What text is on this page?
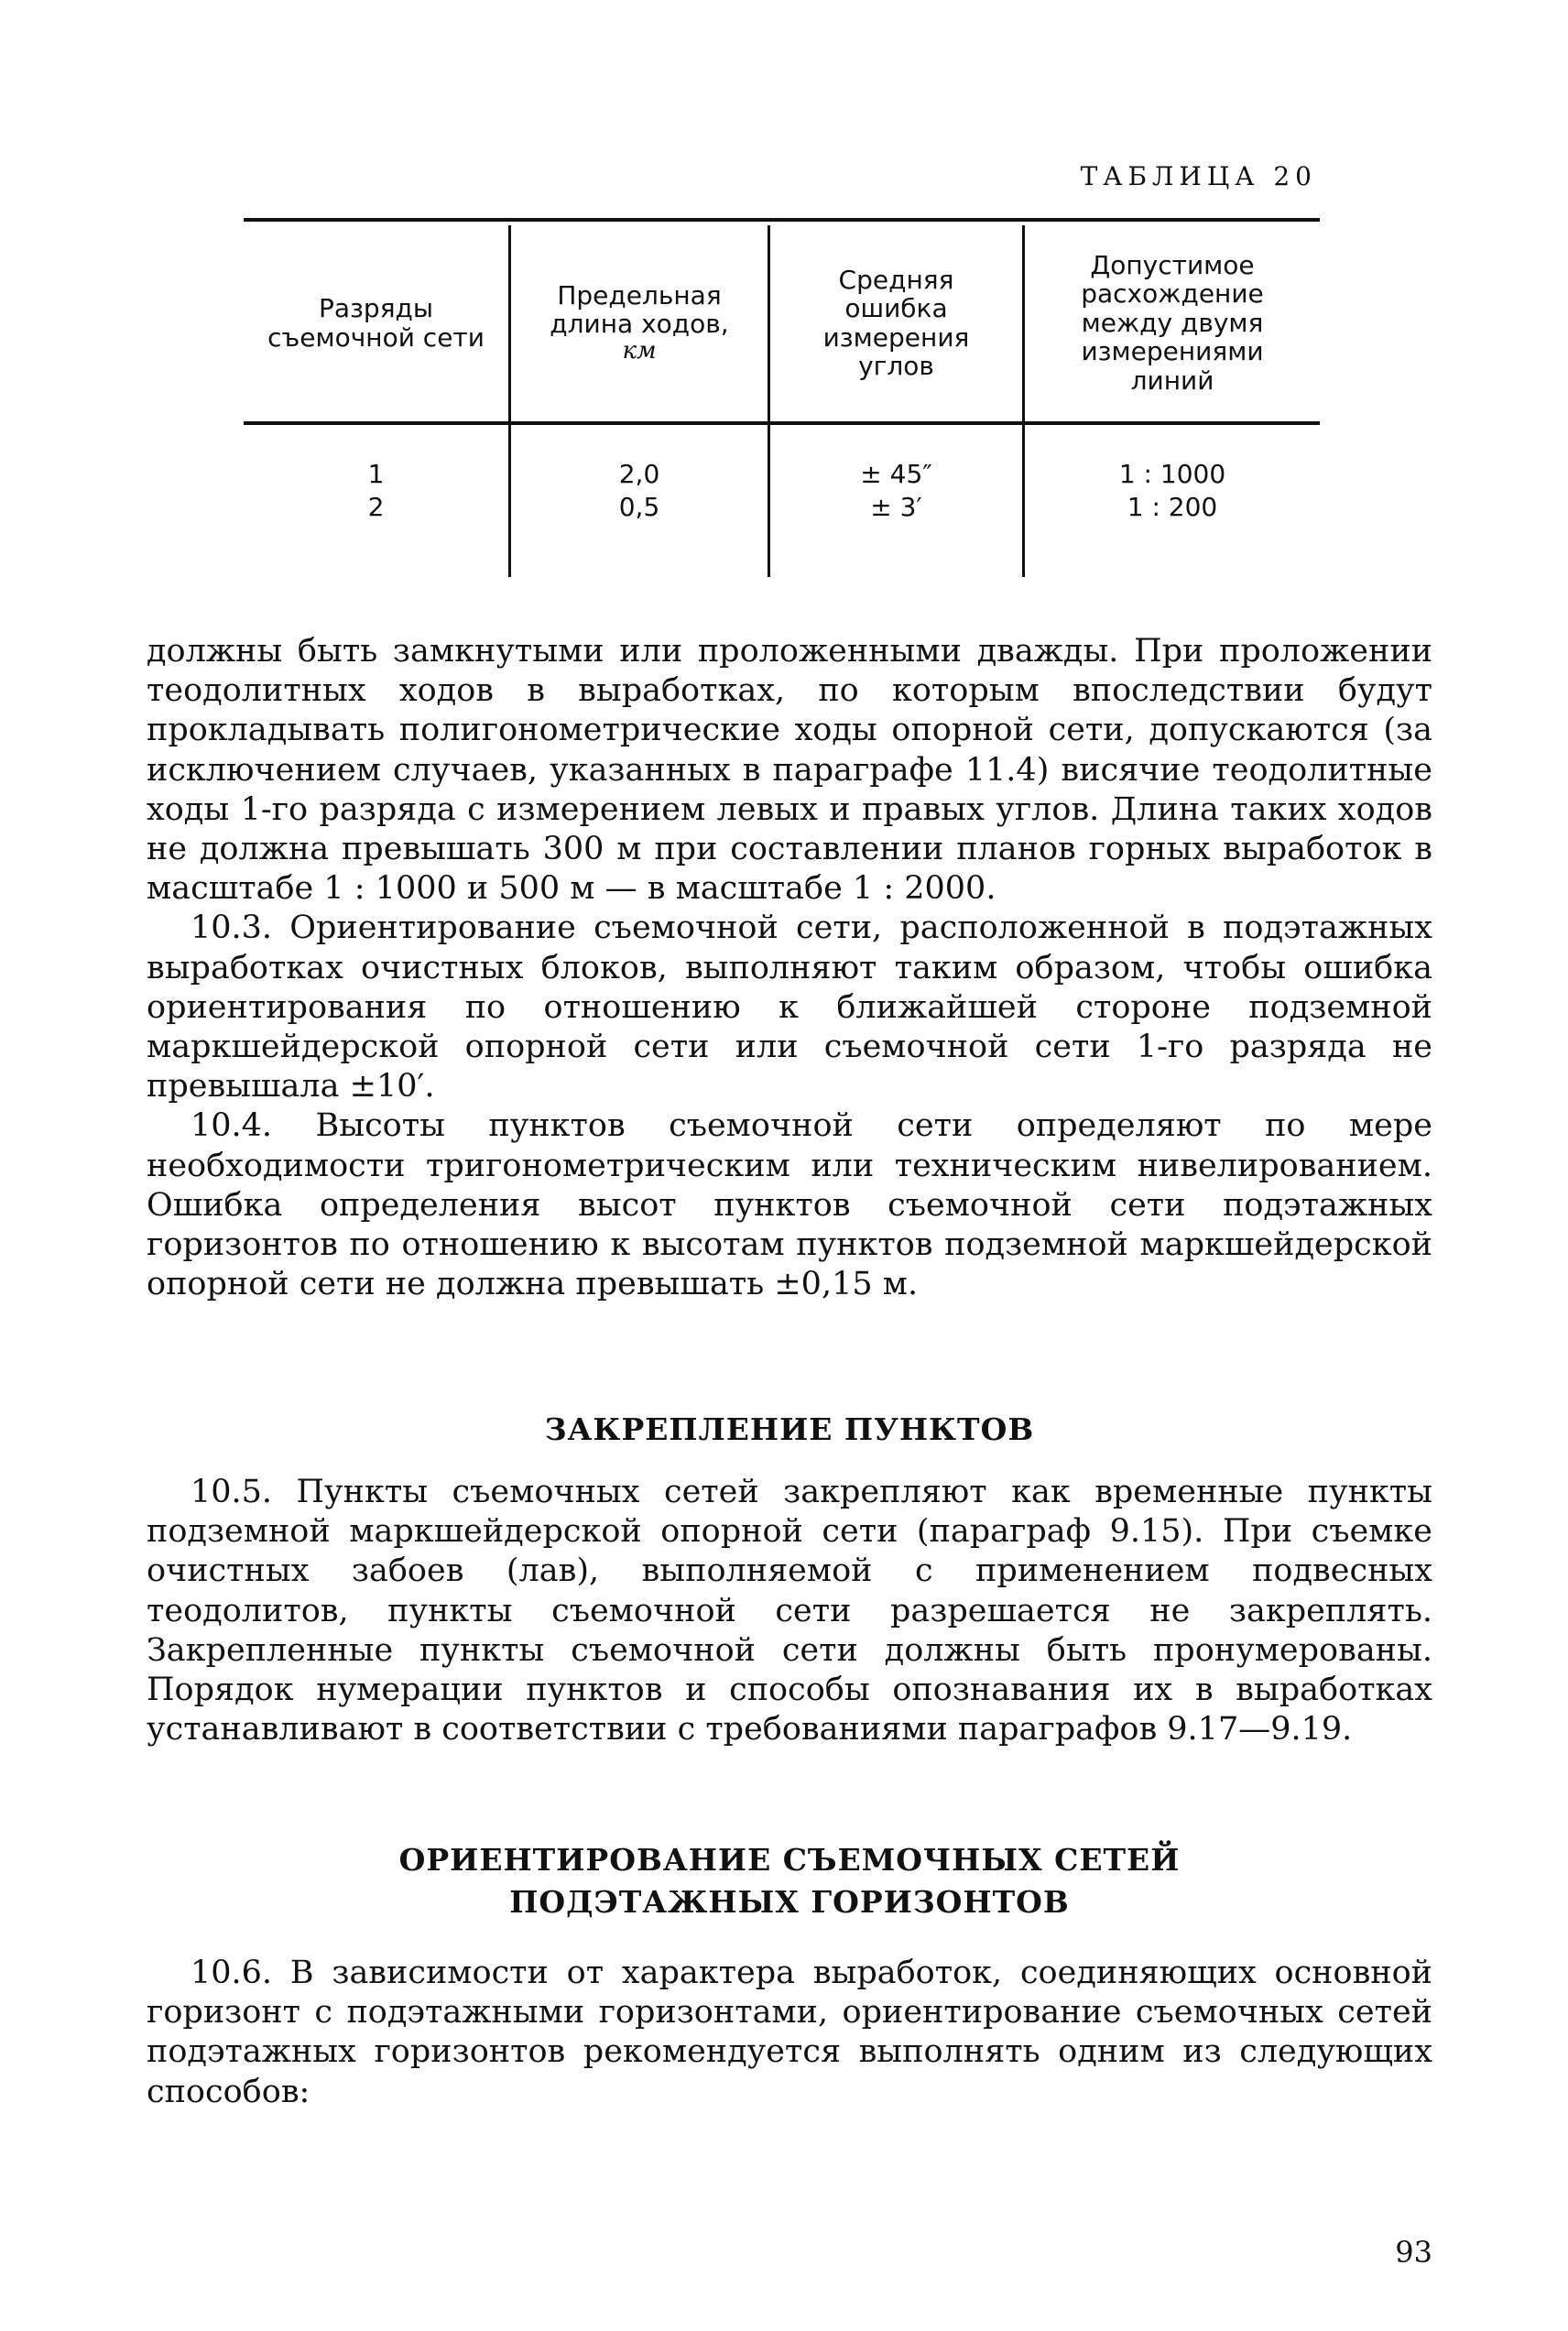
ТАБЛИЦА 20
Разряды
съемочной сети
Предельная
длина ходов,
км
Средняя
ошибка
измерения
углов
Допустимое
расхождение
между двумя
измерениями
линий
1
2
2,0
0,5
± 45″
± 3′
1 : 1000
1 : 200

должны быть замкнутыми или проложенными дважды. При проложении теодолитных ходов в выработках, по которым впоследствии будут прокладывать полигонометрические ходы опорной сети, допускаются (за исключением случаев, указанных в параграфе 11.4) висячие теодолитные ходы 1-го разряда с измерением левых и правых углов. Длина таких ходов не должна превышать 300 м при составлении планов горных выработок в масштабе 1 : 1000 и 500 м — в масштабе 1 : 2000.

10.3. Ориентирование съемочной сети, расположенной в подэтажных выработках очистных блоков, выполняют таким образом, чтобы ошибка ориентирования по отношению к ближайшей стороне подземной маркшейдерской опорной сети или съемочной сети 1-го разряда не превышала ±10′.

10.4. Высоты пунктов съемочной сети определяют по мере необходимости тригонометрическим или техническим нивелированием. Ошибка определения высот пунктов съемочной сети подэтажных горизонтов по отношению к высотам пунктов подземной маркшейдерской опорной сети не должна превышать ±0,15 м.

ЗАКРЕПЛЕНИЕ ПУНКТОВ

10.5. Пункты съемочных сетей закрепляют как временные пункты подземной маркшейдерской опорной сети (параграф 9.15). При съемке очистных забоев (лав), выполняемой с применением подвесных теодолитов, пункты съемочной сети разрешается не закреплять. Закрепленные пункты съемочной сети должны быть пронумерованы. Порядок нумерации пунктов и способы опознавания их в выработках устанавливают в соответствии с требованиями параграфов 9.17—9.19.

ОРИЕНТИРОВАНИЕ СЪЕМОЧНЫХ СЕТЕЙ
ПОДЭТАЖНЫХ ГОРИЗОНТОВ

10.6. В зависимости от характера выработок, соединяющих основной горизонт с подэтажными горизонтами, ориентирование съемочных сетей подэтажных горизонтов рекомендуется выполнять одним из следующих способов:

93
